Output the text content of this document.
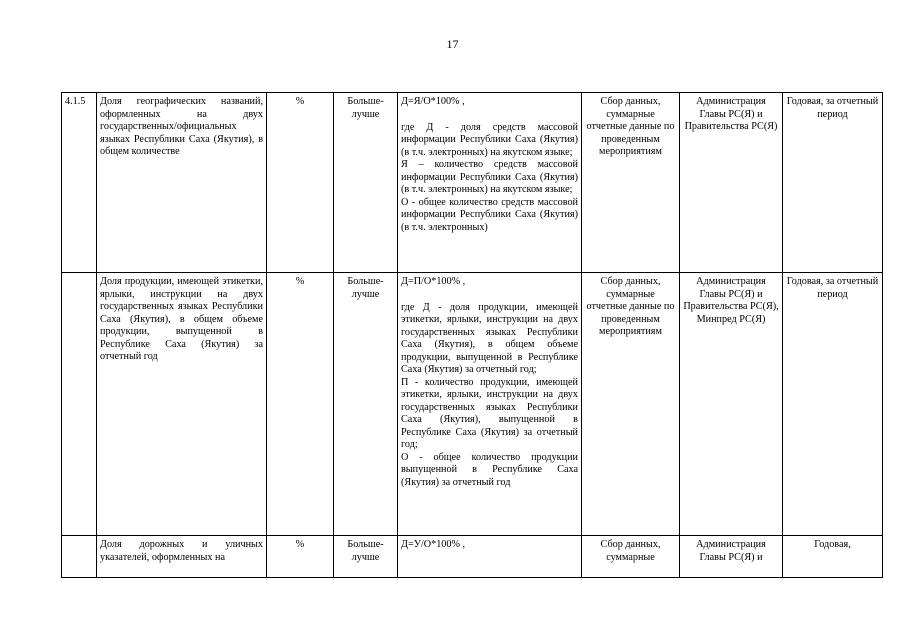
17
4.1.5	Доля географических названий, оформленных на двух государственных/официальных языках Республики Саха (Якутия), в общем количестве	%	Больше-лучше	Д=Я/О*100% ,
где Д - доля средств массовой информации Республики Саха (Якутия) (в т.ч. электронных) на якутском языке;
Я – количество средств массовой информации Республики Саха (Якутия) (в т.ч. электронных) на якутском языке;
О - общее количество средств массовой информации Республики Саха (Якутия) (в т.ч. электронных)	Сбор данных, суммарные отчетные данные по проведенным мероприятиям	Администрация Главы РС(Я) и Правительства РС(Я)	Годовая, за отчетный период
	Доля продукции, имеющей этикетки, ярлыки, инструкции на двух государственных языках Республики Саха (Якутия), в общем объеме продукции, выпущенной в Республике Саха (Якутия) за отчетный год	%	Больше-лучше	Д=П/О*100% ,
где Д - доля продукции, имеющей этикетки, ярлыки, инструкции на двух государственных языках Республики Саха (Якутия), в общем объеме продукции, выпущенной в Республике Саха (Якутия) за отчетный год;
П - количество продукции, имеющей этикетки, ярлыки, инструкции на двух государственных языках Республики Саха (Якутия), выпущенной в Республике Саха (Якутия) за отчетный год;
О - общее количество продукции выпущенной в Республике Саха (Якутия) за отчетный год	Сбор данных, суммарные отчетные данные по проведенным мероприятиям	Администрация Главы РС(Я) и Правительства РС(Я), Минпред РС(Я)	Годовая, за отчетный период
	Доля дорожных и уличных указателей, оформленных на	%	Больше-лучше	Д=У/О*100% ,	Сбор данных, суммарные	Администрация Главы РС(Я) и	Годовая,
